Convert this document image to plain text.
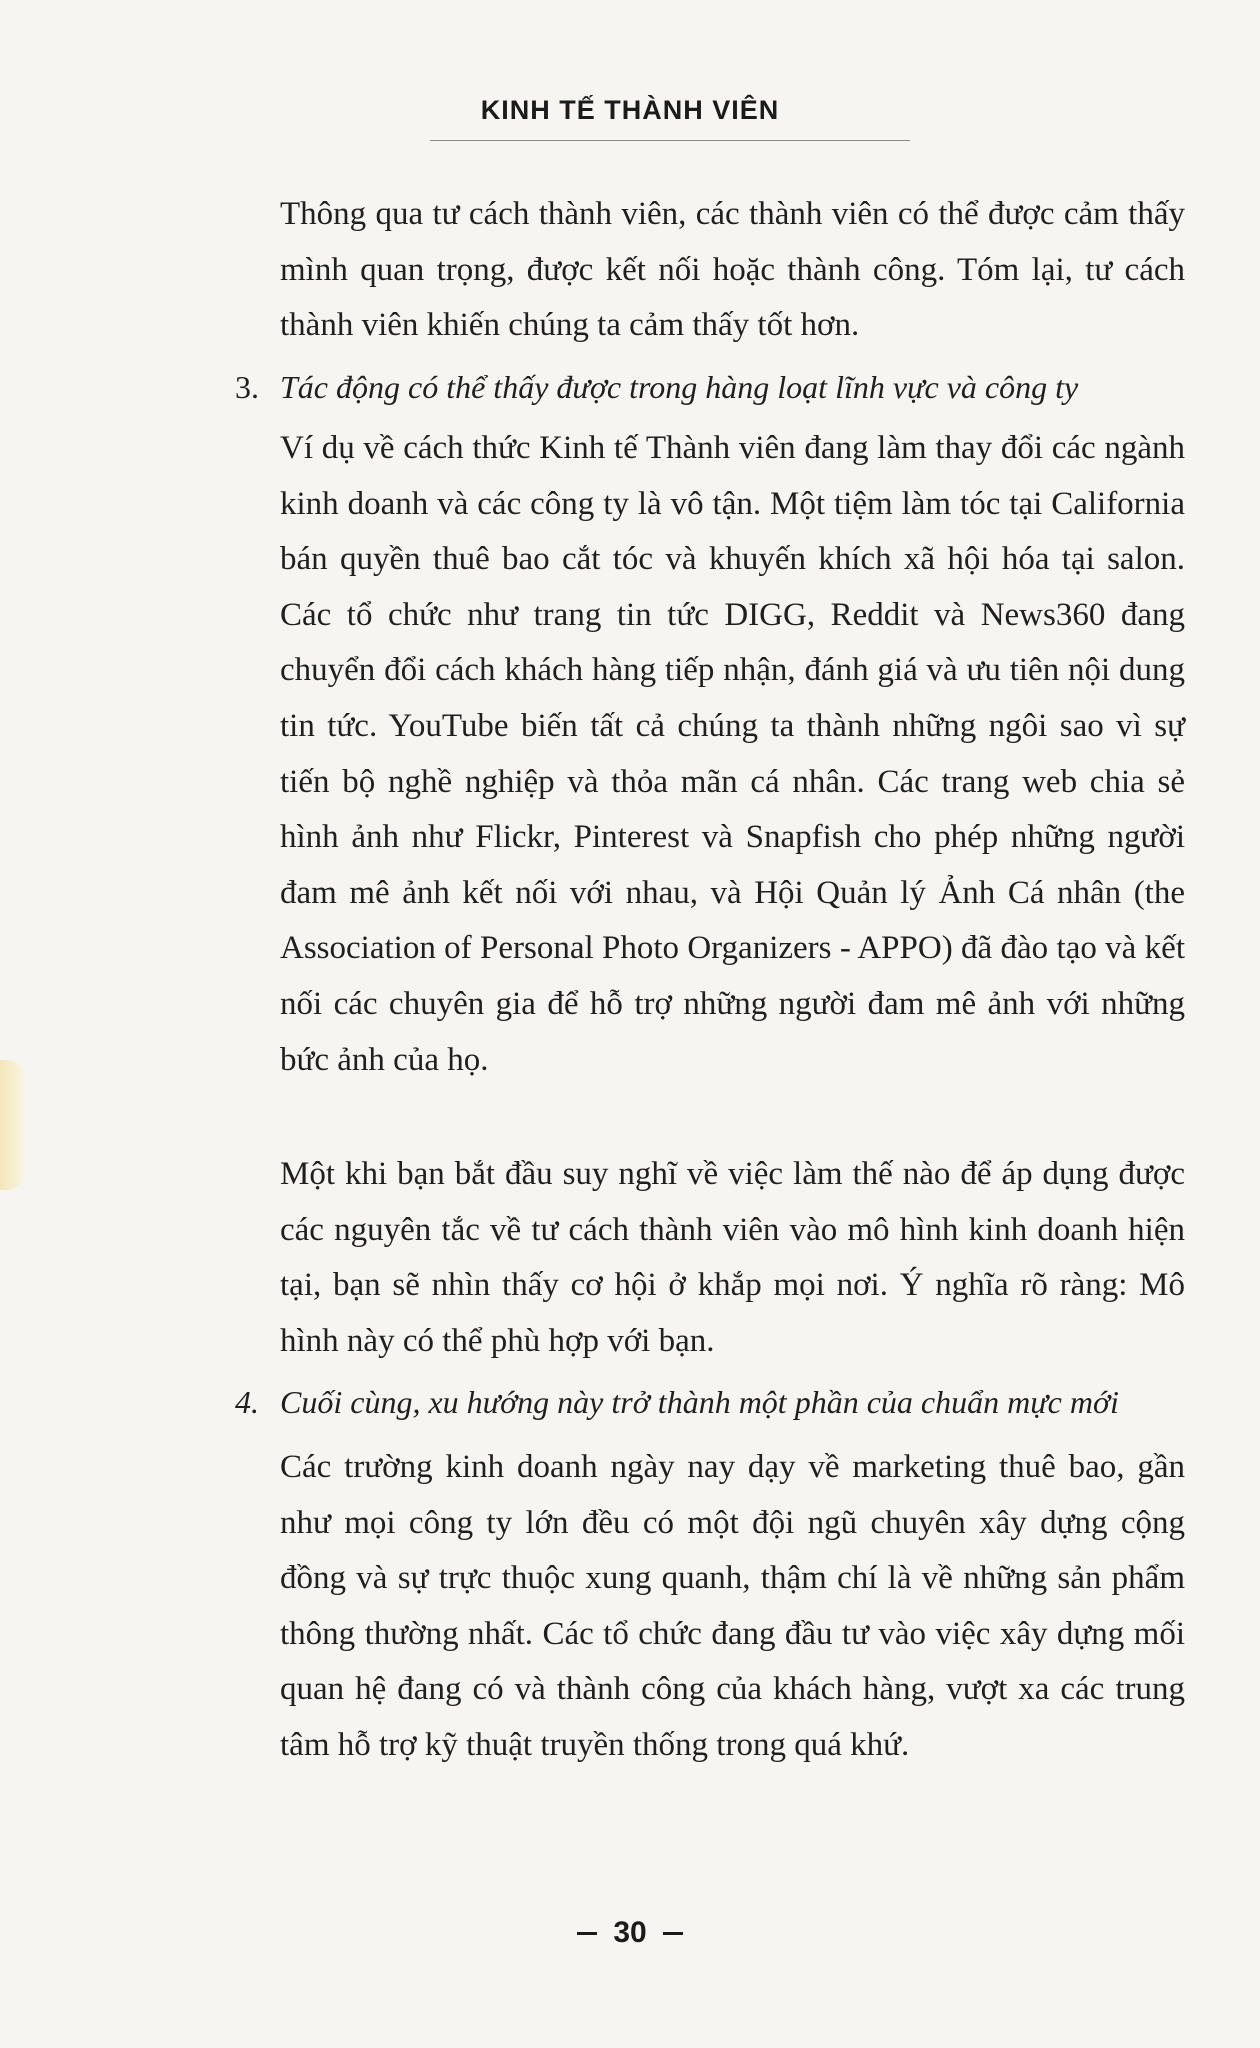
KINH TẾ THÀNH VIÊN
Thông qua tư cách thành viên, các thành viên có thể được cảm thấy mình quan trọng, được kết nối hoặc thành công. Tóm lại, tư cách thành viên khiến chúng ta cảm thấy tốt hơn.
3. Tác động có thể thấy được trong hàng loạt lĩnh vực và công ty
Ví dụ về cách thức Kinh tế Thành viên đang làm thay đổi các ngành kinh doanh và các công ty là vô tận. Một tiệm làm tóc tại California bán quyền thuê bao cắt tóc và khuyến khích xã hội hóa tại salon. Các tổ chức như trang tin tức DIGG, Reddit và News360 đang chuyển đổi cách khách hàng tiếp nhận, đánh giá và ưu tiên nội dung tin tức. YouTube biến tất cả chúng ta thành những ngôi sao vì sự tiến bộ nghề nghiệp và thỏa mãn cá nhân. Các trang web chia sẻ hình ảnh như Flickr, Pinterest và Snapfish cho phép những người đam mê ảnh kết nối với nhau, và Hội Quản lý Ảnh Cá nhân (the Association of Personal Photo Organizers - APPO) đã đào tạo và kết nối các chuyên gia để hỗ trợ những người đam mê ảnh với những bức ảnh của họ.
Một khi bạn bắt đầu suy nghĩ về việc làm thế nào để áp dụng được các nguyên tắc về tư cách thành viên vào mô hình kinh doanh hiện tại, bạn sẽ nhìn thấy cơ hội ở khắp mọi nơi. Ý nghĩa rõ ràng: Mô hình này có thể phù hợp với bạn.
4. Cuối cùng, xu hướng này trở thành một phần của chuẩn mực mới
Các trường kinh doanh ngày nay dạy về marketing thuê bao, gần như mọi công ty lớn đều có một đội ngũ chuyên xây dựng cộng đồng và sự trực thuộc xung quanh, thậm chí là về những sản phẩm thông thường nhất. Các tổ chức đang đầu tư vào việc xây dựng mối quan hệ đang có và thành công của khách hàng, vượt xa các trung tâm hỗ trợ kỹ thuật truyền thống trong quá khứ.
30
